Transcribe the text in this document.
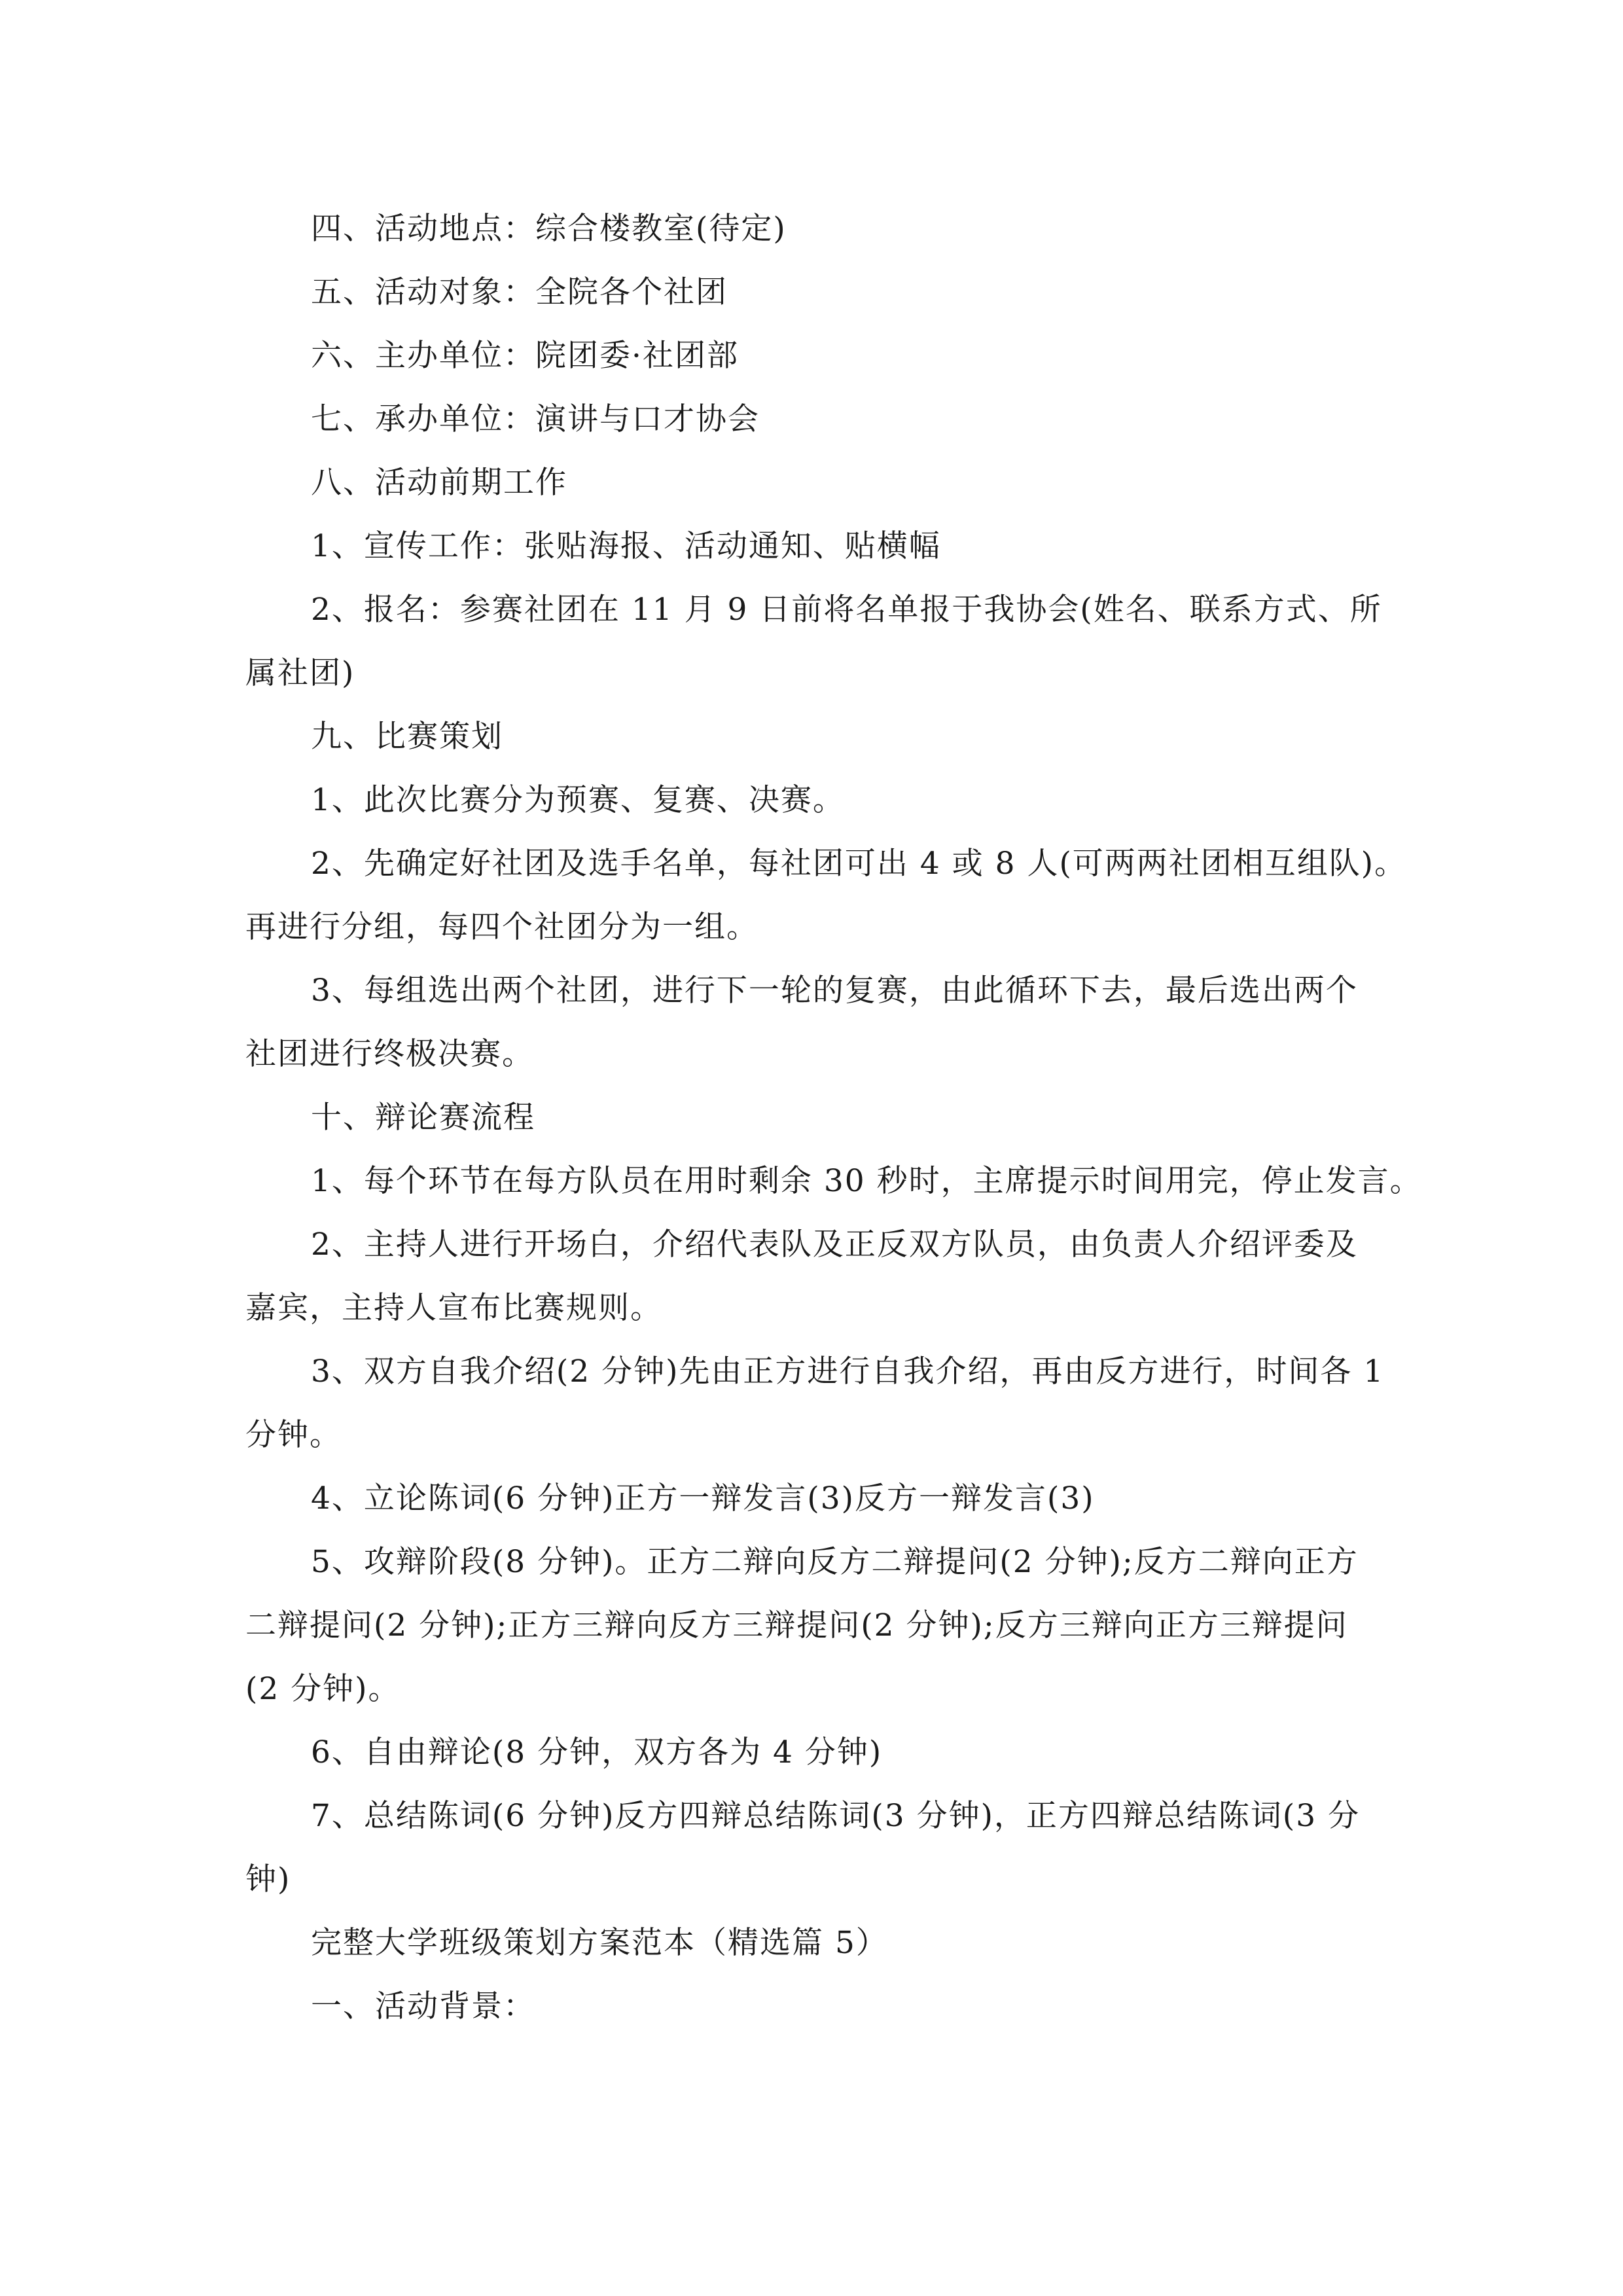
四、活动地点：综合楼教室(待定)
五、活动对象：全院各个社团
六、主办单位：院团委·社团部
七、承办单位：演讲与口才协会
八、活动前期工作
1、宣传工作：张贴海报、活动通知、贴横幅
2、报名：参赛社团在 11 月 9 日前将名单报于我协会(姓名、联系方式、所
属社团)
九、比赛策划
1、此次比赛分为预赛、复赛、决赛。
2、先确定好社团及选手名单，每社团可出 4 或 8 人(可两两社团相互组队)。
再进行分组，每四个社团分为一组。
3、每组选出两个社团，进行下一轮的复赛，由此循环下去，最后选出两个
社团进行终极决赛。
十、辩论赛流程
1、每个环节在每方队员在用时剩余 30 秒时，主席提示时间用完，停止发言。
2、主持人进行开场白，介绍代表队及正反双方队员，由负责人介绍评委及
嘉宾，主持人宣布比赛规则。
3、双方自我介绍(2 分钟)先由正方进行自我介绍，再由反方进行，时间各 1
分钟。
4、立论陈词(6 分钟)正方一辩发言(3)反方一辩发言(3)
5、攻辩阶段(8 分钟)。正方二辩向反方二辩提问(2 分钟);反方二辩向正方
二辩提问(2 分钟);正方三辩向反方三辩提问(2 分钟);反方三辩向正方三辩提问
(2 分钟)。
6、自由辩论(8 分钟，双方各为 4 分钟)
7、总结陈词(6 分钟)反方四辩总结陈词(3 分钟)，正方四辩总结陈词(3 分
钟)
完整大学班级策划方案范本（精选篇 5）
一、活动背景：
